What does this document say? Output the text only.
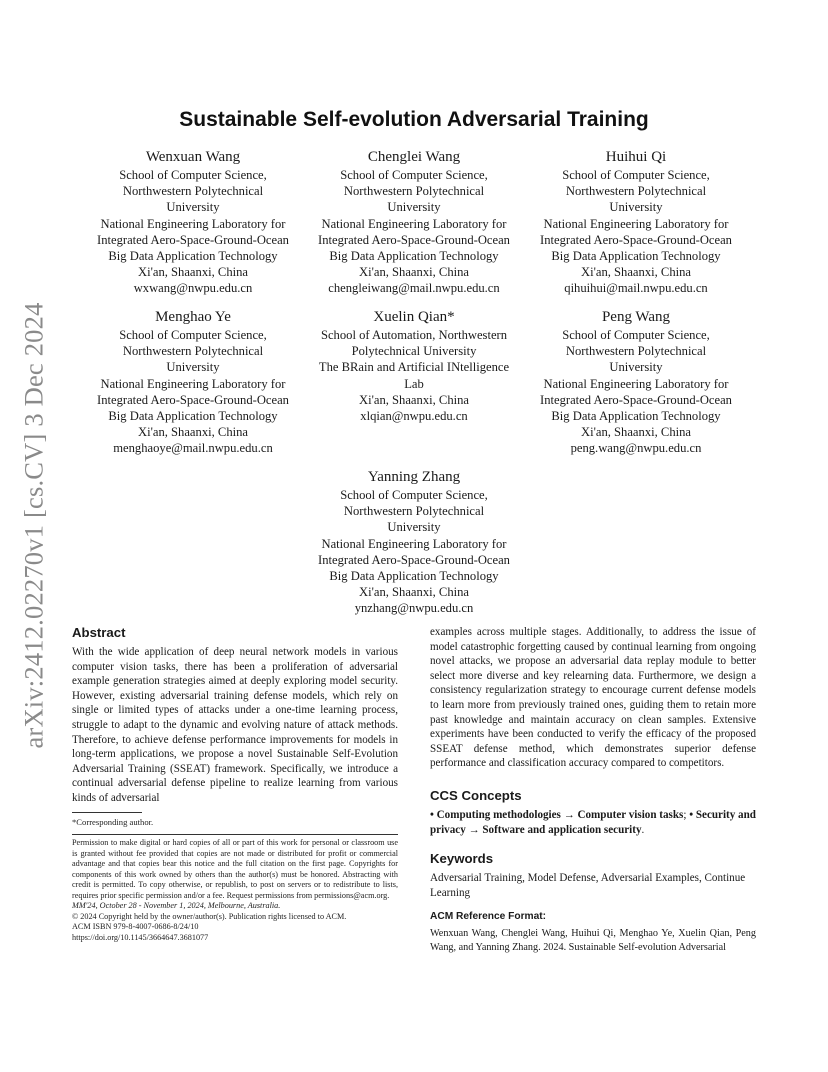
arXiv:2412.02270v1 [cs.CV] 3 Dec 2024
Sustainable Self-evolution Adversarial Training
Wenxuan Wang
School of Computer Science,
Northwestern Polytechnical
University
National Engineering Laboratory for
Integrated Aero-Space-Ground-Ocean
Big Data Application Technology
Xi'an, Shaanxi, China
wxwang@nwpu.edu.cn
Chenglei Wang
School of Computer Science,
Northwestern Polytechnical
University
National Engineering Laboratory for
Integrated Aero-Space-Ground-Ocean
Big Data Application Technology
Xi'an, Shaanxi, China
chengleiwang@mail.nwpu.edu.cn
Huihui Qi
School of Computer Science,
Northwestern Polytechnical
University
National Engineering Laboratory for
Integrated Aero-Space-Ground-Ocean
Big Data Application Technology
Xi'an, Shaanxi, China
qihuihui@mail.nwpu.edu.cn
Menghao Ye
School of Computer Science,
Northwestern Polytechnical
University
National Engineering Laboratory for
Integrated Aero-Space-Ground-Ocean
Big Data Application Technology
Xi'an, Shaanxi, China
menghaoye@mail.nwpu.edu.cn
Xuelin Qian*
School of Automation, Northwestern
Polytechnical University
The BRain and Artificial INtelligence
Lab
Xi'an, Shaanxi, China
xlqian@nwpu.edu.cn
Peng Wang
School of Computer Science,
Northwestern Polytechnical
University
National Engineering Laboratory for
Integrated Aero-Space-Ground-Ocean
Big Data Application Technology
Xi'an, Shaanxi, China
peng.wang@nwpu.edu.cn
Yanning Zhang
School of Computer Science,
Northwestern Polytechnical
University
National Engineering Laboratory for
Integrated Aero-Space-Ground-Ocean
Big Data Application Technology
Xi'an, Shaanxi, China
ynzhang@nwpu.edu.cn
Abstract

With the wide application of deep neural network models in various computer vision tasks, there has been a proliferation of adversarial example generation strategies aimed at deeply exploring model security. However, existing adversarial training defense models, which rely on single or limited types of attacks under a one-time learning process, struggle to adapt to the dynamic and evolving nature of attack methods. Therefore, to achieve defense performance improvements for models in long-term applications, we propose a novel Sustainable Self-Evolution Adversarial Training (SSEAT) framework. Specifically, we introduce a continual adversarial defense pipeline to realize learning from various kinds of adversarial

*Corresponding author.

Permission to make digital or hard copies of all or part of this work for personal or classroom use is granted without fee provided that copies are not made or distributed for profit or commercial advantage and that copies bear this notice and the full citation on the first page. Copyrights for components of this work owned by others than the author(s) must be honored. Abstracting with credit is permitted. To copy otherwise, or republish, to post on servers or to redistribute to lists, requires prior specific permission and/or a fee. Request permissions from permissions@acm.org.

MM'24, October 28 - November 1, 2024, Melbourne, Australia.

© 2024 Copyright held by the owner/author(s). Publication rights licensed to ACM.

ACM ISBN 979-8-4007-0686-8/24/10

https://doi.org/10.1145/3664647.3681077

examples across multiple stages. Additionally, to address the issue of model catastrophic forgetting caused by continual learning from ongoing novel attacks, we propose an adversarial data replay module to better select more diverse and key relearning data. Furthermore, we design a consistency regularization strategy to encourage current defense models to learn more from previously trained ones, guiding them to retain more past knowledge and maintain accuracy on clean samples. Extensive experiments have been conducted to verify the efficacy of the proposed SSEAT defense method, which demonstrates superior defense performance and classification accuracy compared to competitors.

CCS Concepts

• Computing methodologies → Computer vision tasks; • Security and privacy → Software and application security.

Keywords

Adversarial Training, Model Defense, Adversarial Examples, Continue Learning

ACM Reference Format:

Wenxuan Wang, Chenglei Wang, Huihui Qi, Menghao Ye, Xuelin Qian, Peng Wang, and Yanning Zhang. 2024. Sustainable Self-evolution Adversarial
